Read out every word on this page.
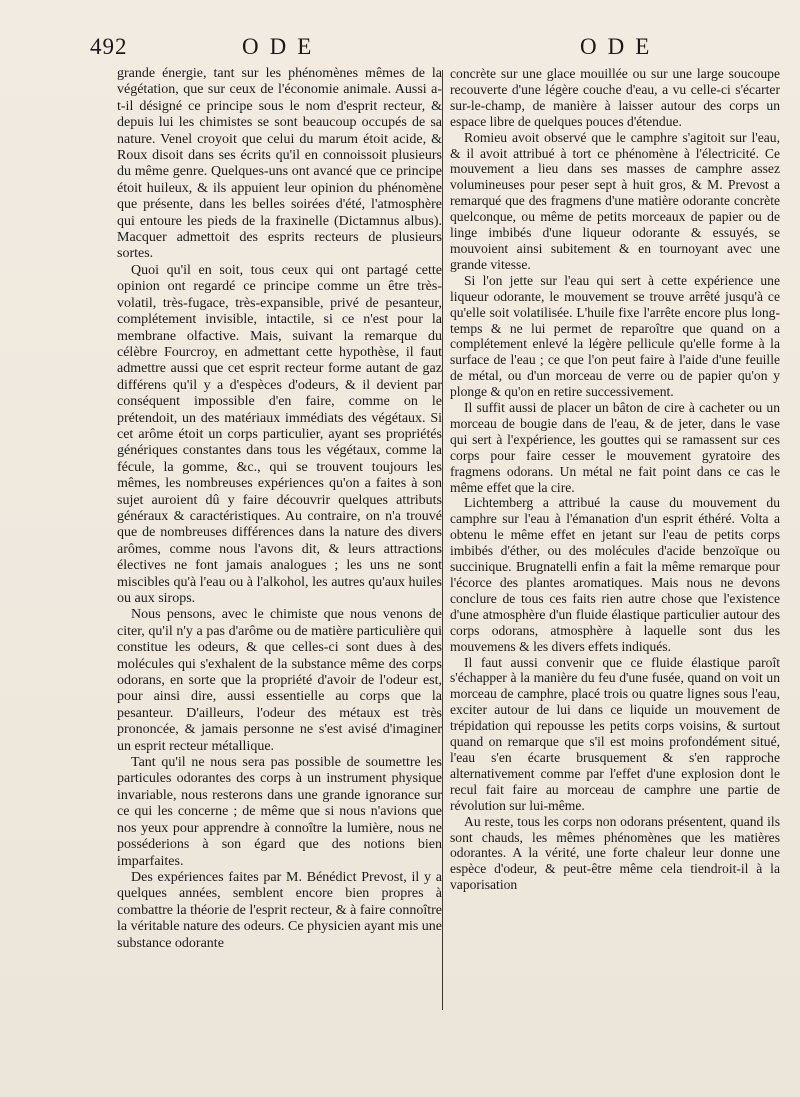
492	ODE	ODE

grande énergie, tant sur les phénomènes mêmes de la végétation, que sur ceux de l'économie animale. Aussi a-t-il désigné ce principe sous le nom d'esprit recteur, & depuis lui les chimistes se sont beaucoup occupés de sa nature. Venel croyoit que celui du marum étoit acide, & Roux disoit dans ses écrits qu'il en connoissoit plusieurs du même genre. Quelques-uns ont avancé que ce principe étoit huileux, & ils appuient leur opinion du phénomène que présente, dans les belles soirées d'été, l'atmosphère qui entoure les pieds de la fraxinelle (Dictamnus albus). Macquer admettoit des esprits recteurs de plusieurs sortes.

Quoi qu'il en soit, tous ceux qui ont partagé cette opinion ont regardé ce principe comme un être très-volatil, très-fugace, très-expansible, privé de pesanteur, complétement invisible, intactile, si ce n'est pour la membrane olfactive. Mais, suivant la remarque du célèbre Fourcroy, en admettant cette hypothèse, il faut admettre aussi que cet esprit recteur forme autant de gaz différens qu'il y a d'espèces d'odeurs, & il devient par conséquent impossible d'en faire, comme on le prétendoit, un des matériaux immédiats des végétaux. Si cet arôme étoit un corps particulier, ayant ses propriétés génériques constantes dans tous les végétaux, comme la fécule, la gomme, &c., qui se trouvent toujours les mêmes, les nombreuses expériences qu'on a faites à son sujet auroient dû y faire découvrir quelques attributs généraux & caractéristiques. Au contraire, on n'a trouvé que de nombreuses différences dans la nature des divers arômes, comme nous l'avons dit, & leurs attractions électives ne font jamais analogues ; les uns ne sont miscibles qu'à l'eau ou à l'alkohol, les autres qu'aux huiles ou aux sirops.

Nous pensons, avec le chimiste que nous venons de citer, qu'il n'y a pas d'arôme ou de matière particulière qui constitue les odeurs, & que celles-ci sont dues à des molécules qui s'exhalent de la substance même des corps odorans, en sorte que la propriété d'avoir de l'odeur est, pour ainsi dire, aussi essentielle au corps que la pesanteur. D'ailleurs, l'odeur des métaux est très prononcée, & jamais personne ne s'est avisé d'imaginer un esprit recteur métallique.

Tant qu'il ne nous sera pas possible de soumettre les particules odorantes des corps à un instrument physique invariable, nous resterons dans une grande ignorance sur ce qui les concerne ; de même que si nous n'avions que nos yeux pour apprendre à connoître la lumière, nous ne posséderions à son égard que des notions bien imparfaites.

Des expériences faites par M. Bénédict Prevost, il y a quelques années, semblent encore bien propres à combattre la théorie de l'esprit recteur, & à faire connoître la véritable nature des odeurs. Ce physicien ayant mis une substance odorante

concrète sur une glace mouillée ou sur une large soucoupe recouverte d'une légère couche d'eau, a vu celle-ci s'écarter sur-le-champ, de manière à laisser autour des corps un espace libre de quelques pouces d'étendue.

Romieu avoit observé que le camphre s'agitoit sur l'eau, & il avoit attribué à tort ce phénomène à l'électricité. Ce mouvement a lieu dans ses masses de camphre assez volumineuses pour peser sept à huit gros, & M. Prevost a remarqué que des fragmens d'une matière odorante concrète quelconque, ou même de petits morceaux de papier ou de linge imbibés d'une liqueur odorante & essuyés, se mouvoient ainsi subitement & en tournoyant avec une grande vitesse.

Si l'on jette sur l'eau qui sert à cette expérience une liqueur odorante, le mouvement se trouve arrêté jusqu'à ce qu'elle soit volatilisée. L'huile fixe l'arrête encore plus long-temps & ne lui permet de reparoître que quand on a complétement enlevé la légère pellicule qu'elle forme à la surface de l'eau ; ce que l'on peut faire à l'aide d'une feuille de métal, ou d'un morceau de verre ou de papier qu'on y plonge & qu'on en retire successivement.

Il suffit aussi de placer un bâton de cire à cacheter ou un morceau de bougie dans de l'eau, & de jeter, dans le vase qui sert à l'expérience, les gouttes qui se ramassent sur ces corps pour faire cesser le mouvement gyratoire des fragmens odorans. Un métal ne fait point dans ce cas le même effet que la cire.

Lichtemberg a attribué la cause du mouvement du camphre sur l'eau à l'émanation d'un esprit éthéré. Volta a obtenu le même effet en jetant sur l'eau de petits corps imbibés d'éther, ou des molécules d'acide benzoïque ou succinique. Brugnatelli enfin a fait la même remarque pour l'écorce des plantes aromatiques. Mais nous ne devons conclure de tous ces faits rien autre chose que l'existence d'une atmosphère d'un fluide élastique particulier autour des corps odorans, atmosphère à laquelle sont dus les mouvemens & les divers effets indiqués.

Il faut aussi convenir que ce fluide élastique paroît s'échapper à la manière du feu d'une fusée, quand on voit un morceau de camphre, placé trois ou quatre lignes sous l'eau, exciter autour de lui dans ce liquide un mouvement de trépidation qui repousse les petits corps voisins, & surtout quand on remarque que s'il est moins profondément situé, l'eau s'en écarte brusquement & s'en rapproche alternativement comme par l'effet d'une explosion dont le recul fait faire au morceau de camphre une partie de révolution sur lui-même.

Au reste, tous les corps non odorans présentent, quand ils sont chauds, les mêmes phénomènes que les matières odorantes. A la vérité, une forte chaleur leur donne une espèce d'odeur, & peut-être même cela tiendroit-il à la vaporisation
